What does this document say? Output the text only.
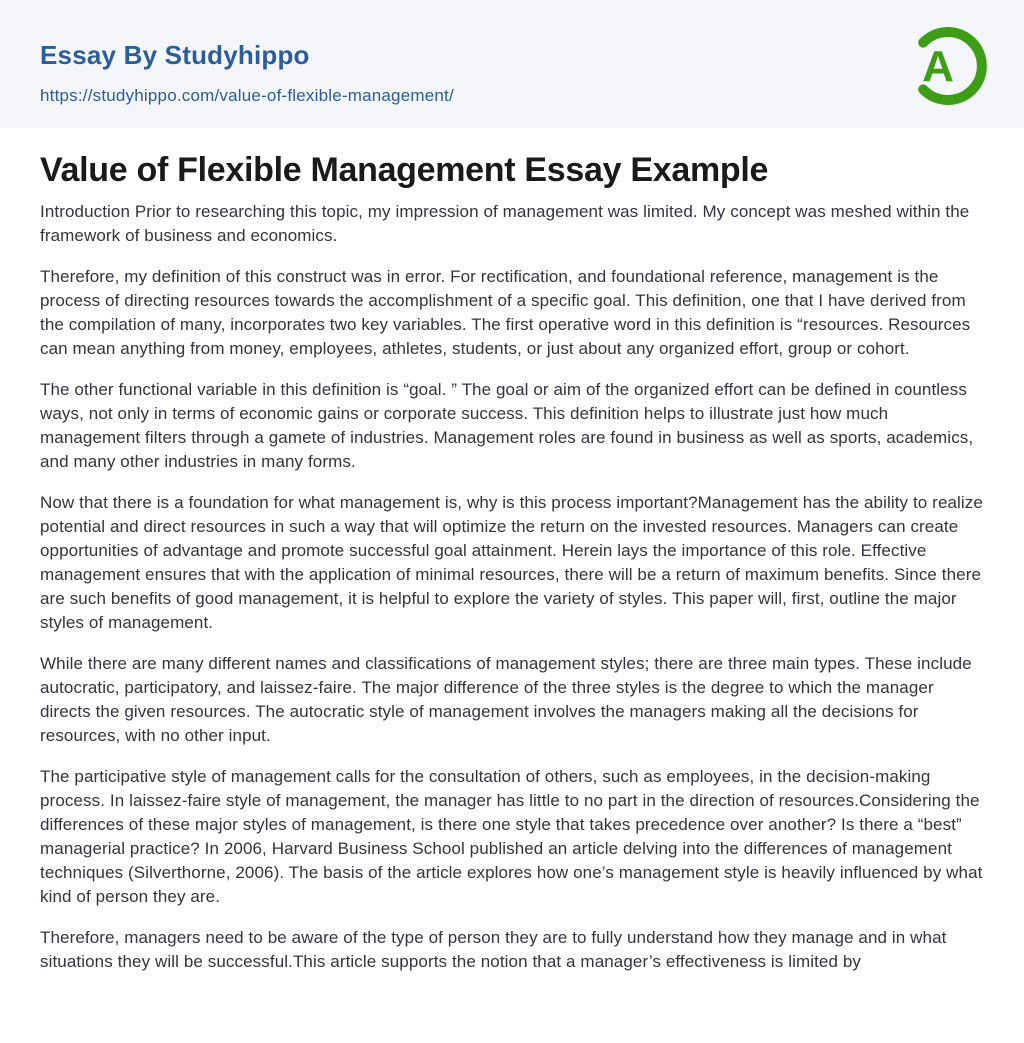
Essay By Studyhippo
https://studyhippo.com/value-of-flexible-management/
A
Value of Flexible Management Essay Example

Introduction Prior to researching this topic, my impression of management was limited. My concept was meshed within the framework of business and economics.

Therefore, my definition of this construct was in error. For rectification, and foundational reference, management is the process of directing resources towards the accomplishment of a specific goal. This definition, one that I have derived from the compilation of many, incorporates two key variables. The first operative word in this definition is “resources. Resources can mean anything from money, employees, athletes, students, or just about any organized effort, group or cohort.

The other functional variable in this definition is “goal. ” The goal or aim of the organized effort can be defined in countless ways, not only in terms of economic gains or corporate success. This definition helps to illustrate just how much management filters through a gamete of industries. Management roles are found in business as well as sports, academics, and many other industries in many forms.

Now that there is a foundation for what management is, why is this process important?Management has the ability to realize potential and direct resources in such a way that will optimize the return on the invested resources. Managers can create opportunities of advantage and promote successful goal attainment. Herein lays the importance of this role. Effective management ensures that with the application of minimal resources, there will be a return of maximum benefits. Since there are such benefits of good management, it is helpful to explore the variety of styles. This paper will, first, outline the major styles of management.

While there are many different names and classifications of management styles; there are three main types. These include autocratic, participatory, and laissez-faire. The major difference of the three styles is the degree to which the manager directs the given resources. The autocratic style of management involves the managers making all the decisions for resources, with no other input.

The participative style of management calls for the consultation of others, such as employees, in the decision-making process. In laissez-faire style of management, the manager has little to no part in the direction of resources.Considering the differences of these major styles of management, is there one style that takes precedence over another? Is there a “best” managerial practice? In 2006, Harvard Business School published an article delving into the differences of management techniques (Silverthorne, 2006). The basis of the article explores how one’s management style is heavily influenced by what kind of person they are.

Therefore, managers need to be aware of the type of person they are to fully understand how they manage and in what situations they will be successful.This article supports the notion that a manager’s effectiveness is limited by
